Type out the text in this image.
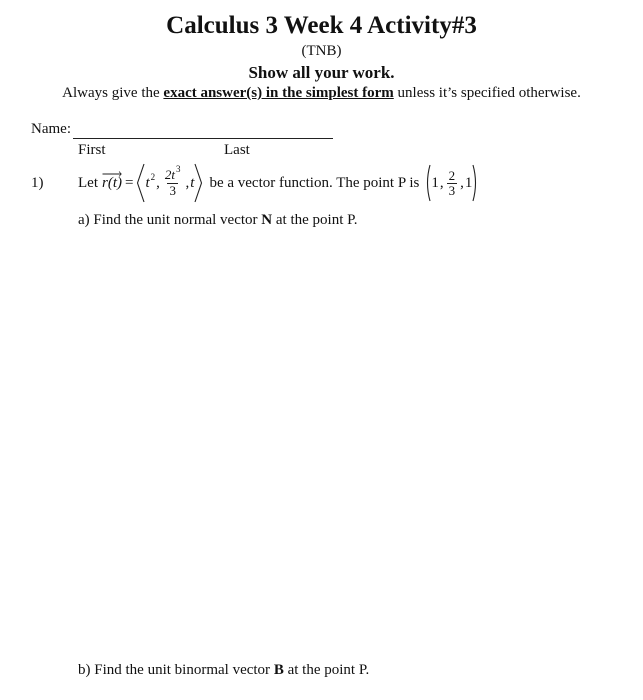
Calculus 3 Week 4 Activity#3
(TNB)
Show all your work.
Always give the exact answer(s) in the simplest form unless it’s specified otherwise.
Name:
First	Last
1) Let $r(t) = t^2$ , $\frac{2t^3}{3}$ , t be a vector function. The point P is 1 , $\frac{2}{3}$ , 1
a) Find the unit normal vector N at the point P.
b) Find the unit binormal vector B at the point P.
